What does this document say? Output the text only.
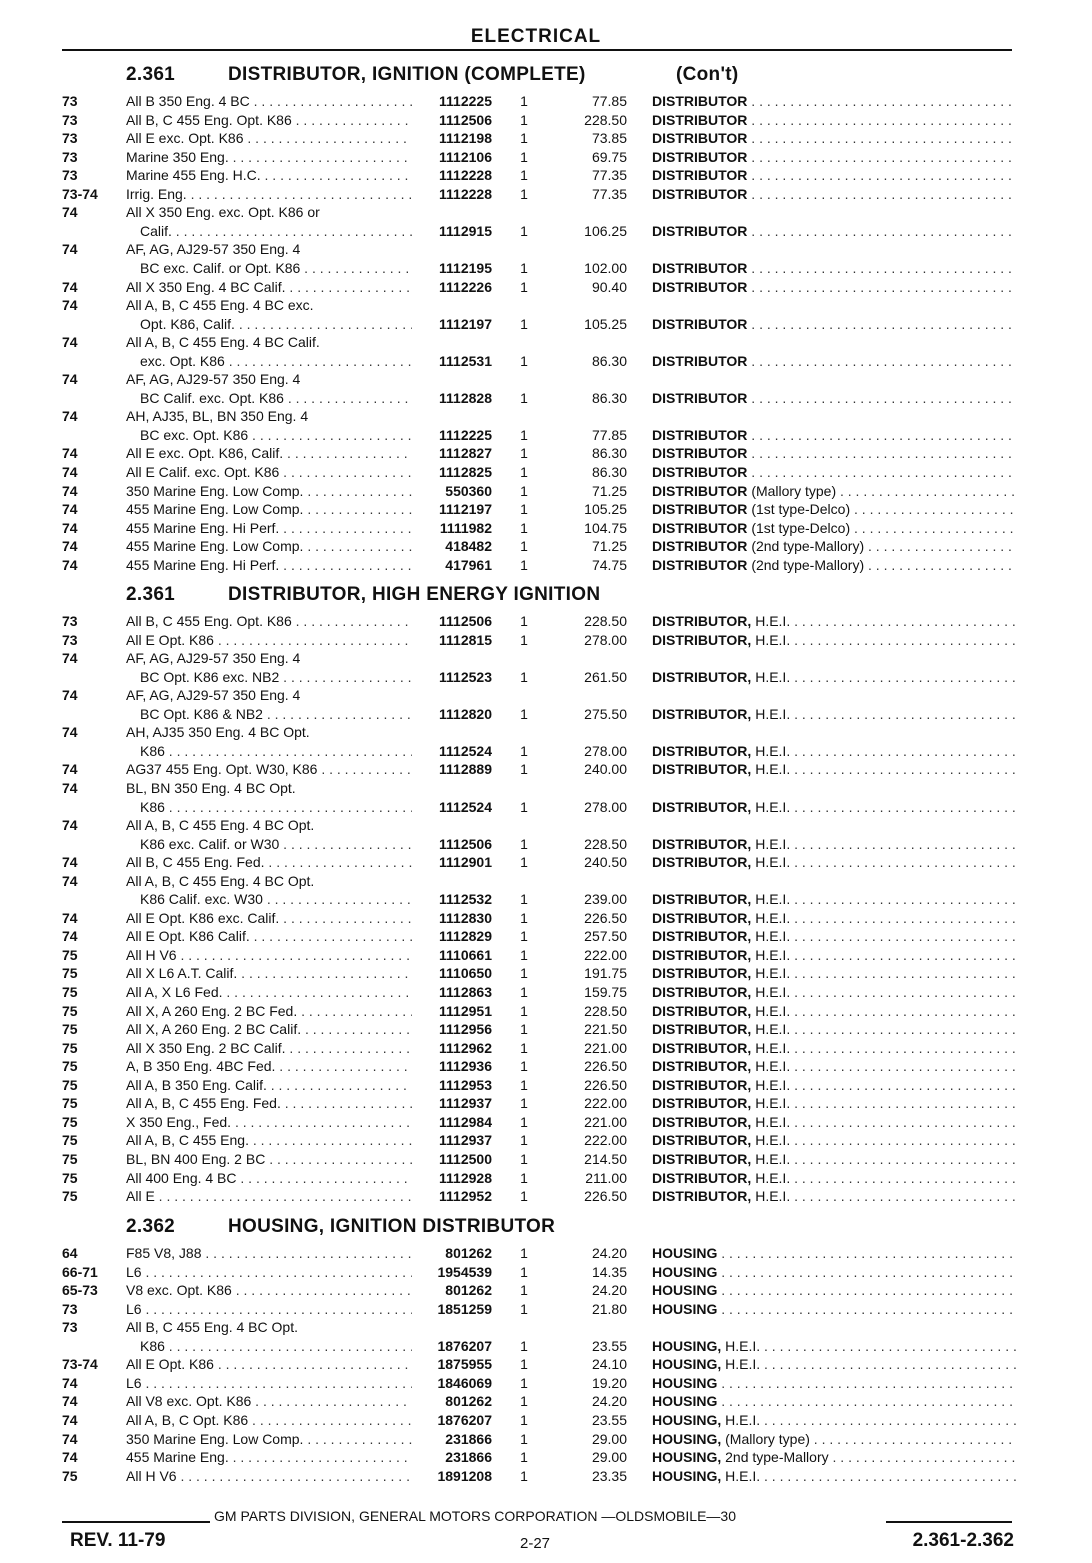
ELECTRICAL
2.361	DISTRIBUTOR, IGNITION (COMPLETE)	(Con't)
73	All B 350 Eng. 4 BC . . .	1112225	1	77.85 DISTRIBUTOR . . .
73	All B, C 455 Eng. Opt. K86 . . .	1112506	1	228.50 DISTRIBUTOR . . .
73	All E exc. Opt. K86 . . .	1112198	1	73.85 DISTRIBUTOR . . .
73	Marine 350 Eng. . . .	1112106	1	69.75 DISTRIBUTOR . . .
73	Marine 455 Eng. H.C. . . .	1112228	1	77.35 DISTRIBUTOR . . .
73-74	Irrig. Eng. . . .	1112228	1	77.35 DISTRIBUTOR . . .
74	All X 350 Eng. exc. Opt. K86 or
Calif. . . .	1112915	1	106.25 DISTRIBUTOR . . .
74	AF, AG, AJ29-57 350 Eng. 4
BC exc. Calif. or Opt. K86 . . .	1112195	1	102.00 DISTRIBUTOR . . .
74	All X 350 Eng. 4 BC Calif. . . .	1112226	1	90.40 DISTRIBUTOR . . .
74	All A, B, C 455 Eng. 4 BC exc.
Opt. K86, Calif. . . .	1112197	1	105.25 DISTRIBUTOR . . .
74	All A, B, C 455 Eng. 4 BC Calif.
exc. Opt. K86 . . .	1112531	1	86.30 DISTRIBUTOR . . .
74	AF, AG, AJ29-57 350 Eng. 4
BC Calif. exc. Opt. K86 . . .	1112828	1	86.30 DISTRIBUTOR . . .
74	AH, AJ35, BL, BN 350 Eng. 4
BC exc. Opt. K86 . . .	1112225	1	77.85 DISTRIBUTOR . . .
74	All E exc. Opt. K86, Calif. . . .	1112827	1	86.30 DISTRIBUTOR . . .
74	All E Calif. exc. Opt. K86 . . .	1112825	1	86.30 DISTRIBUTOR . . .
74	350 Marine Eng. Low Comp. . . .	550360	1	71.25 DISTRIBUTOR (Mallory type) . . .
74	455 Marine Eng. Low Comp. . . .	1112197	1	105.25 DISTRIBUTOR (1st type-Delco) . . .
74	455 Marine Eng. Hi Perf. . . .	1111982	1	104.75 DISTRIBUTOR (1st type-Delco) . . .
74	455 Marine Eng. Low Comp. . . .	418482	1	71.25 DISTRIBUTOR (2nd type-Mallory) . . .
74	455 Marine Eng. Hi Perf. . . .	417961	1	74.75 DISTRIBUTOR (2nd type-Mallory) . . .
2.361	DISTRIBUTOR, HIGH ENERGY IGNITION
73	All B, C 455 Eng. Opt. K86 . . .	1112506	1	228.50 DISTRIBUTOR, H.E.I. . . .
73	All E Opt. K86 . . .	1112815	1	278.00 DISTRIBUTOR, H.E.I. . . .
74	AF, AG, AJ29-57 350 Eng. 4
BC Opt. K86 exc. NB2 . . .	1112523	1	261.50 DISTRIBUTOR, H.E.I. . . .
74	AF, AG, AJ29-57 350 Eng. 4
BC Opt. K86 & NB2 . . .	1112820	1	275.50 DISTRIBUTOR, H.E.I. . . .
74	AH, AJ35 350 Eng. 4 BC Opt.
K86 . . .	1112524	1	278.00 DISTRIBUTOR, H.E.I. . . .
74	AG37 455 Eng. Opt. W30, K86 . . .	1112889	1	240.00 DISTRIBUTOR, H.E.I. . . .
74	BL, BN 350 Eng. 4 BC Opt.
K86 . . .	1112524	1	278.00 DISTRIBUTOR, H.E.I. . . .
74	All A, B, C 455 Eng. 4 BC Opt.
K86 exc. Calif. or W30 . . .	1112506	1	228.50 DISTRIBUTOR, H.E.I. . . .
74	All B, C 455 Eng. Fed. . . .	1112901	1	240.50 DISTRIBUTOR, H.E.I. . . .
74	All A, B, C 455 Eng. 4 BC Opt.
K86 Calif. exc. W30 . . .	1112532	1	239.00 DISTRIBUTOR, H.E.I. . . .
74	All E Opt. K86 exc. Calif. . . .	1112830	1	226.50 DISTRIBUTOR, H.E.I. . . .
74	All E Opt. K86 Calif. . . .	1112829	1	257.50 DISTRIBUTOR, H.E.I. . . .
75	All H V6 . . .	1110661	1	222.00 DISTRIBUTOR, H.E.I. . . .
75	All X L6 A.T. Calif. . . .	1110650	1	191.75 DISTRIBUTOR, H.E.I. . . .
75	All A, X L6 Fed. . . .	1112863	1	159.75 DISTRIBUTOR, H.E.I. . . .
75	All X, A 260 Eng. 2 BC Fed. . . .	1112951	1	228.50 DISTRIBUTOR, H.E.I. . . .
75	All X, A 260 Eng. 2 BC Calif. . . .	1112956	1	221.50 DISTRIBUTOR, H.E.I. . . .
75	All X 350 Eng. 2 BC Calif. . . .	1112962	1	221.00 DISTRIBUTOR, H.E.I. . . .
75	A, B 350 Eng. 4BC Fed. . . .	1112936	1	226.50 DISTRIBUTOR, H.E.I. . . .
75	All A, B 350 Eng. Calif. . . .	1112953	1	226.50 DISTRIBUTOR, H.E.I. . . .
75	All A, B, C 455 Eng. Fed. . . .	1112937	1	222.00 DISTRIBUTOR, H.E.I. . . .
75	X 350 Eng., Fed. . . .	1112984	1	221.00 DISTRIBUTOR, H.E.I. . . .
75	All A, B, C 455 Eng. . . .	1112937	1	222.00 DISTRIBUTOR, H.E.I. . . .
75	BL, BN 400 Eng. 2 BC . . .	1112500	1	214.50 DISTRIBUTOR, H.E.I. . . .
75	All 400 Eng. 4 BC . . .	1112928	1	211.00 DISTRIBUTOR, H.E.I. . . .
75	All E . . .	1112952	1	226.50 DISTRIBUTOR, H.E.I. . . .
2.362	HOUSING, IGNITION DISTRIBUTOR
64	F85 V8, J88 . . .	801262	1	24.20 HOUSING . . .
66-71	L6 . . .	1954539	1	14.35 HOUSING . . .
65-73	V8 exc. Opt. K86 . . .	801262	1	24.20 HOUSING . . .
73	L6 . . .	1851259	1	21.80 HOUSING . . .
73	All B, C 455 Eng. 4 BC Opt.
K86 . . .	1876207	1	23.55 HOUSING, H.E.I. . . .
73-74	All E Opt. K86 . . .	1875955	1	24.10 HOUSING, H.E.I. . . .
74	L6 . . .	1846069	1	19.20 HOUSING . . .
74	All V8 exc. Opt. K86 . . .	801262	1	24.20 HOUSING . . .
74	All A, B, C Opt. K86 . . .	1876207	1	23.55 HOUSING, H.E.I. . . .
74	350 Marine Eng. Low Comp. . . .	231866	1	29.00 HOUSING, (Mallory type) . . .
74	455 Marine Eng. . . .	231866	1	29.00 HOUSING, 2nd type-Mallory . . .
75	All H V6 . . .	1891208	1	23.35 HOUSING, H.E.I. . . .
GM PARTS DIVISION, GENERAL MOTORS CORPORATION —OLDSMOBILE—30
REV. 11-79	2-27	2.361-2.362
